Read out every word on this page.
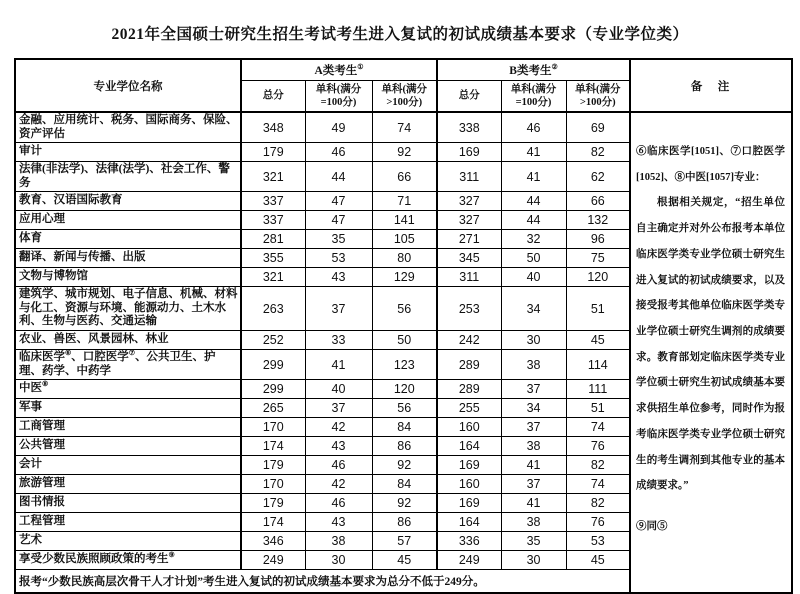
2021年全国硕士研究生招生考试考生进入复试的初试成绩基本要求（专业学位类）
专业学位名称	A类考生①			B类考生②			备　注
	总分	单科(满分=100分)	单科(满分>100分)	总分	单科(满分=100分)	单科(满分>100分)	
金融、应用统计、税务、国际商务、保险、资产评估	348	49	74	338	46	69	⑥临床医学[1051]、⑦口腔医学[1052]、⑧中医[1057]专业：

根据相关规定，“招生单位自主确定并对外公布报考本单位临床医学类专业学位硕士研究生进入复试的初试成绩要求，以及接受报考其他单位临床医学类专业学位硕士研究生调剂的成绩要求。教育部划定临床医学类专业学位硕士研究生初试成绩基本要求供招生单位参考，同时作为报考临床医学类专业学位硕士研究生的考生调剂到其他专业的基本成绩要求。”

⑨同⑤

审计	179	46	92	169	41	82	
法律(非法学)、法律(法学)、社会工作、警务	321	44	66	311	41	62	
教育、汉语国际教育	337	47	71	327	44	66	
应用心理	337	47	141	327	44	132	
体育	281	35	105	271	32	96	
翻译、新闻与传播、出版	355	53	80	345	50	75	
文物与博物馆	321	43	129	311	40	120	
建筑学、城市规划、电子信息、机械、材料与化工、资源与环境、能源动力、土木水利、生物与医药、交通运输	263	37	56	253	34	51	
农业、兽医、风景园林、林业	252	33	50	242	30	45	
临床医学⑥、口腔医学⑦、公共卫生、护理、药学、中药学	299	41	123	289	38	114	
中医⑧	299	40	120	289	37	111	
军事	265	37	56	255	34	51	
工商管理	170	42	84	160	37	74	
公共管理	174	43	86	164	38	76	
会计	179	46	92	169	41	82	
旅游管理	170	42	84	160	37	74	
图书情报	179	46	92	169	41	82	
工程管理	174	43	86	164	38	76	
艺术	346	38	57	336	35	53	
享受少数民族照顾政策的考生⑨	249	30	45	249	30	45	
报考“少数民族高层次骨干人才计划”考生进入复试的初试成绩基本要求为总分不低于249分。							
